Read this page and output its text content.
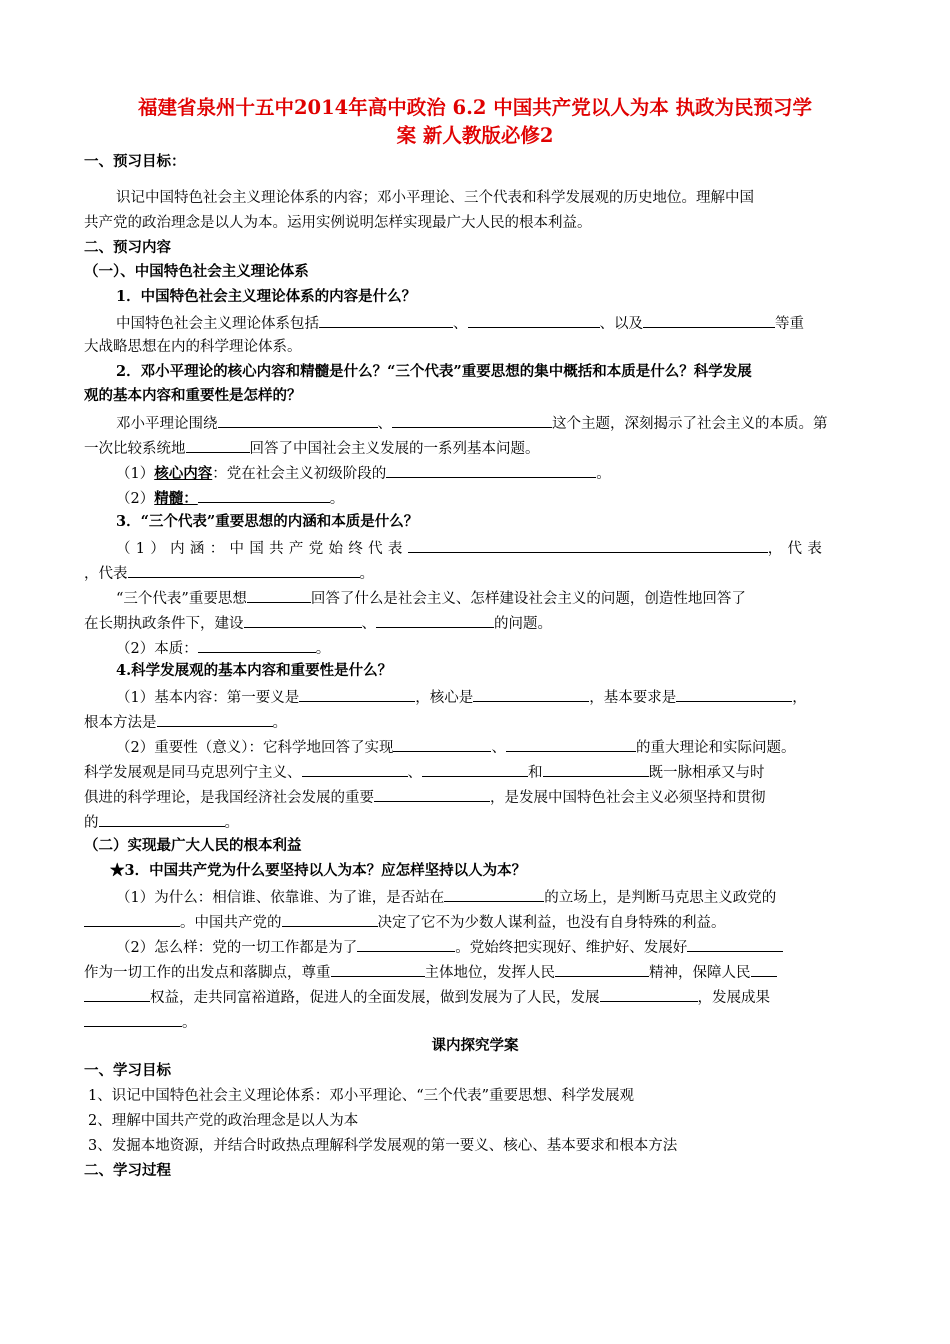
福建省泉州十五中2014年高中政治 6.2 中国共产党以人为本 执政为民预习学
案 新人教版必修2
一、预习目标：
识记中国特色社会主义理论体系的内容；邓小平理论、三个代表和科学发展观的历史地位。理解中国
共产党的政治理念是以人为本。运用实例说明怎样实现最广大人民的根本利益。
二、预习内容
（一）、中国特色社会主义理论体系
1．中国特色社会主义理论体系的内容是什么？
中国特色社会主义理论体系包括	、	、以及	等重
大战略思想在内的科学理论体系。
2．邓小平理论的核心内容和精髓是什么？“三个代表”重要思想的集中概括和本质是什么？科学发展
观的基本内容和重要性是怎样的？
邓小平理论围绕	、	这个主题，深刻揭示了社会主义的本质。第
一次比较系统地	回答了中国社会主义发展的一系列基本问题。
（1）核心内容：党在社会主义初级阶段的	。
（2）精髓：	。
3．“三个代表”重要思想的内涵和本质是什么？
（1）内涵：中国共产党始终代表	，代表
，代表	。
“三个代表”重要思想	回答了什么是社会主义、怎样建设社会主义的问题，创造性地回答了
在长期执政条件下，建设	、	的问题。
（2）本质：	。
4.科学发展观的基本内容和重要性是什么？
（1）基本内容：第一要义是	，核心是	，基本要求是	，
根本方法是	。
（2）重要性（意义）：它科学地回答了实现	、	的重大理论和实际问题。
科学发展观是同马克思列宁主义、	、	和	既一脉相承又与时
俱进的科学理论，是我国经济社会发展的重要	，是发展中国特色社会主义必须坚持和贯彻
的	。
（二）实现最广大人民的根本利益
★3．中国共产党为什么要坚持以人为本？应怎样坚持以人为本？
（1）为什么：相信谁、依靠谁、为了谁，是否站在	的立场上，是判断马克思主义政党的
。中国共产党的	决定了它不为少数人谋利益，也没有自身特殊的利益。
（2）怎么样：党的一切工作都是为了	。党始终把实现好、维护好、发展好
作为一切工作的出发点和落脚点，尊重	主体地位，发挥人民	精神，保障人民
权益，走共同富裕道路，促进人的全面发展，做到发展为了人民，发展	，发展成果
。
课内探究学案
一、学习目标
1、识记中国特色社会主义理论体系：邓小平理论、“三个代表”重要思想、科学发展观
2、理解中国共产党的政治理念是以人为本
3、发掘本地资源，并结合时政热点理解科学发展观的第一要义、核心、基本要求和根本方法
二、学习过程
